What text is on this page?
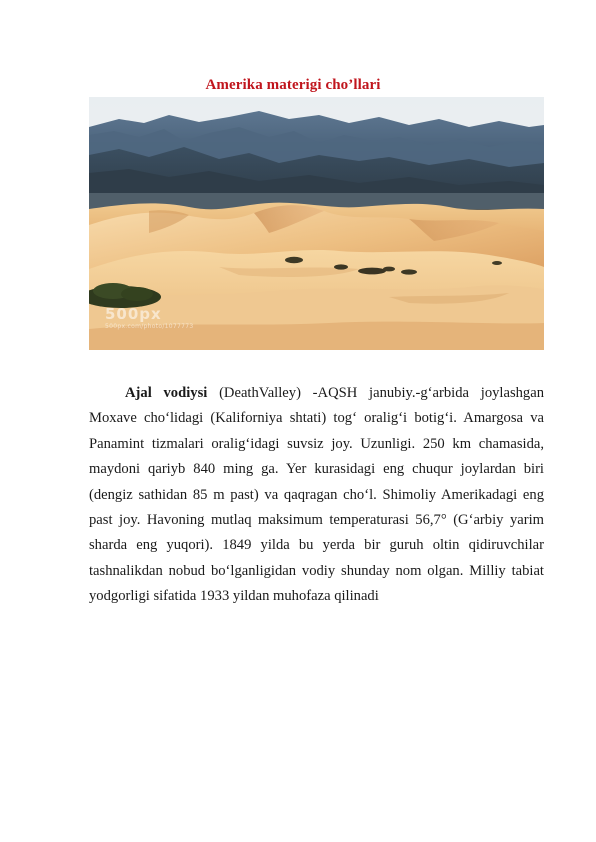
Amerika materigi cho’llari
500px
500px.com/photo/1077773

Ajal vodiysi (DeathValley) -AQSH janubiy.-g‘arbida joylashgan Moxave cho‘lidagi (Kaliforniya shtati) tog‘ oralig‘i botig‘i. Amargosa va Panamint tizmalari oralig‘idagi suvsiz joy. Uzunligi. 250 km chamasida, maydoni qariyb 840 ming ga. Yer kurasidagi eng chuqur joylardan biri (dengiz sathidan 85 m past) va qaqragan cho‘l. Shimoliy Amerikadagi eng past joy. Havoning mutlaq maksimum temperaturasi 56,7° (G‘arbiy yarim sharda eng yuqori). 1849 yilda bu yerda bir guruh oltin qidiruvchilar tashnalikdan nobud bo‘lganligidan vodiy shunday nom olgan. Milliy tabiat yodgorligi sifatida 1933 yildan muhofaza qilinadi
